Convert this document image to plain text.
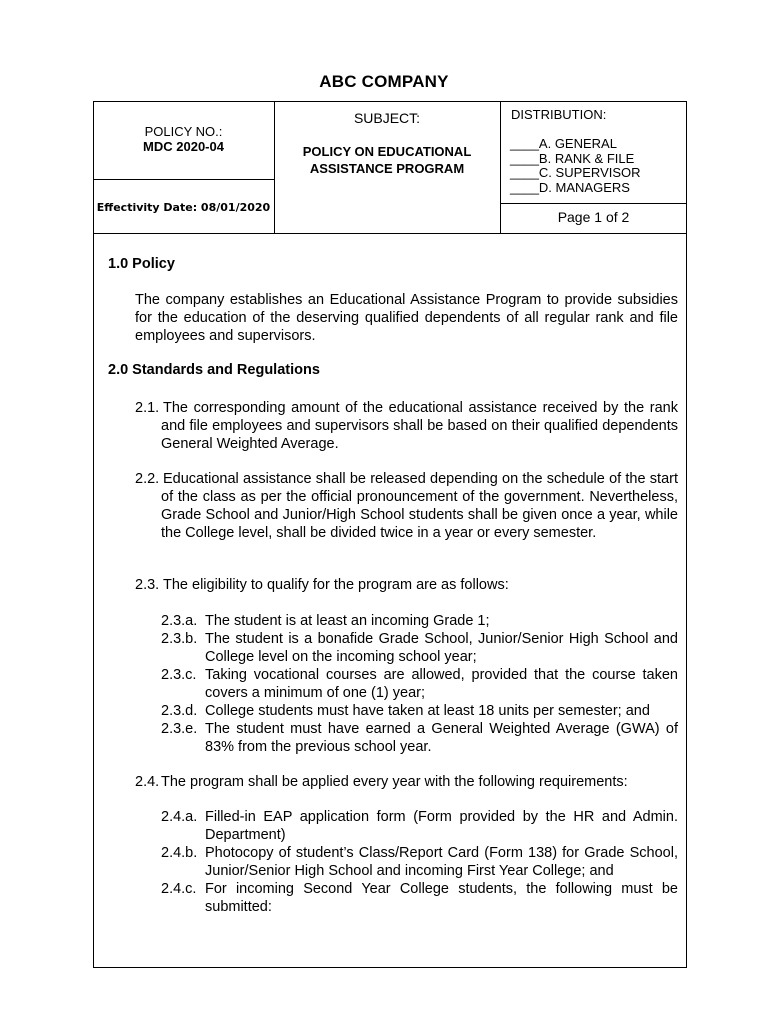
ABC COMPANY
POLICY NO.:
MDC 2020-04
Effectivity Date: 08/01/2020
SUBJECT:
POLICY ON EDUCATIONAL
ASSISTANCE PROGRAM
DISTRIBUTION:
____A. GENERAL
____B. RANK & FILE
____C. SUPERVISOR
____D. MANAGERS
Page 1 of 2
1.0 Policy
The company establishes an Educational Assistance Program to provide subsidies for the education of the deserving qualified dependents of all regular rank and file employees and supervisors.
2.0 Standards and Regulations
2.1. The corresponding amount of the educational assistance received by the rank and file employees and supervisors shall be based on their qualified dependents General Weighted Average.
2.2. Educational assistance shall be released depending on the schedule of the start of the class as per the official pronouncement of the government. Nevertheless, Grade School and Junior/High School students shall be given once a year, while the College level, shall be divided twice in a year or every semester.
2.3. The eligibility to qualify for the program are as follows:
2.3.a. The student is at least an incoming Grade 1;
2.3.b. The student is a bonafide Grade School, Junior/Senior High School and College level on the incoming school year;
2.3.c. Taking vocational courses are allowed, provided that the course taken covers a minimum of one (1) year;
2.3.d. College students must have taken at least 18 units per semester; and
2.3.e. The student must have earned a General Weighted Average (GWA) of 83% from the previous school year.
2.4. The program shall be applied every year with the following requirements:
2.4.a. Filled-in EAP application form (Form provided by the HR and Admin. Department)
2.4.b. Photocopy of student’s Class/Report Card (Form 138) for Grade School, Junior/Senior High School and incoming First Year College; and
2.4.c. For incoming Second Year College students, the following must be submitted:
